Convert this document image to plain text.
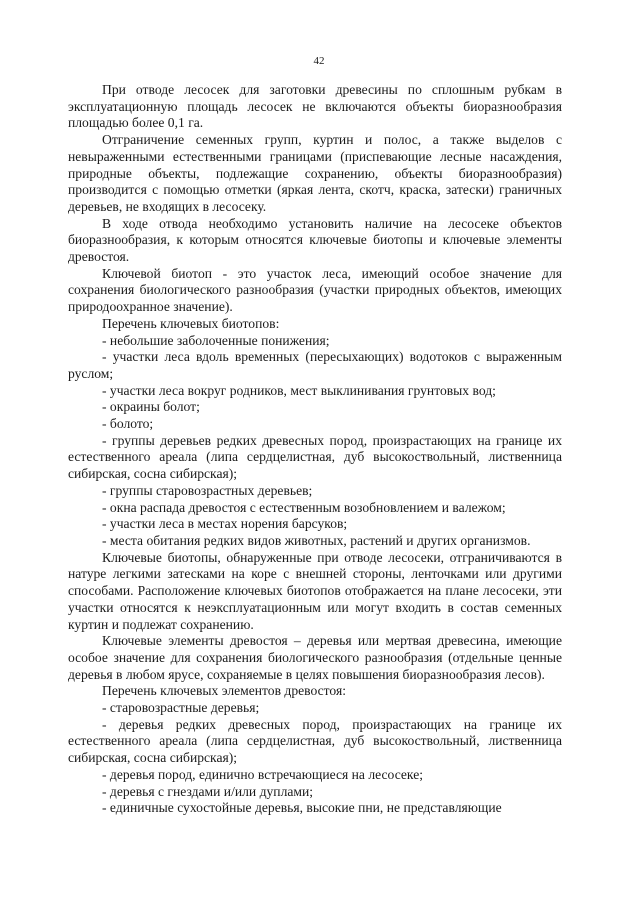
42

При отводе лесосек для заготовки древесины по сплошным рубкам в эксплуатационную площадь лесосек не включаются объекты биоразнообразия площадью более 0,1 га.

Отграничение семенных групп, куртин и полос, а также выделов с невыраженными естественными границами (приспевающие лесные насаждения, природные объекты, подлежащие сохранению, объекты биоразнообразия) производится с помощью отметки (яркая лента, скотч, краска, затески) граничных деревьев, не входящих в лесосеку.

В ходе отвода необходимо установить наличие на лесосеке объектов биоразнообразия, к которым относятся ключевые биотопы и ключевые элементы древостоя.

Ключевой биотоп - это участок леса, имеющий особое значение для сохранения биологического разнообразия (участки природных объектов, имеющих природоохранное значение).

Перечень ключевых биотопов:

- небольшие заболоченные понижения;

- участки леса вдоль временных (пересыхающих) водотоков с выраженным руслом;

- участки леса вокруг родников, мест выклинивания грунтовых вод;

- окраины болот;

- болото;

- группы деревьев редких древесных пород, произрастающих на границе их естественного ареала (липа сердцелистная, дуб высокоствольный, лиственница сибирская, сосна сибирская);

- группы старовозрастных деревьев;

- окна распада древостоя с естественным возобновлением и валежом;

- участки леса в местах норения барсуков;

- места обитания редких видов животных, растений и других организмов.

Ключевые биотопы, обнаруженные при отводе лесосеки, отграничиваются в натуре легкими затесками на коре с внешней стороны, ленточками или другими способами. Расположение ключевых биотопов отображается на плане лесосеки, эти участки относятся к неэксплуатационным или могут входить в состав семенных куртин и подлежат сохранению.

Ключевые элементы древостоя – деревья или мертвая древесина, имеющие особое значение для сохранения биологического разнообразия (отдельные ценные деревья в любом ярусе, сохраняемые в целях повышения биоразнообразия лесов).

Перечень ключевых элементов древостоя:

- старовозрастные деревья;

- деревья редких древесных пород, произрастающих на границе их естественного ареала (липа сердцелистная, дуб высокоствольный, лиственница сибирская, сосна сибирская);

- деревья пород, единично встречающиеся на лесосеке;

- деревья с гнездами и/или дуплами;

- единичные сухостойные деревья, высокие пни, не представляющие
